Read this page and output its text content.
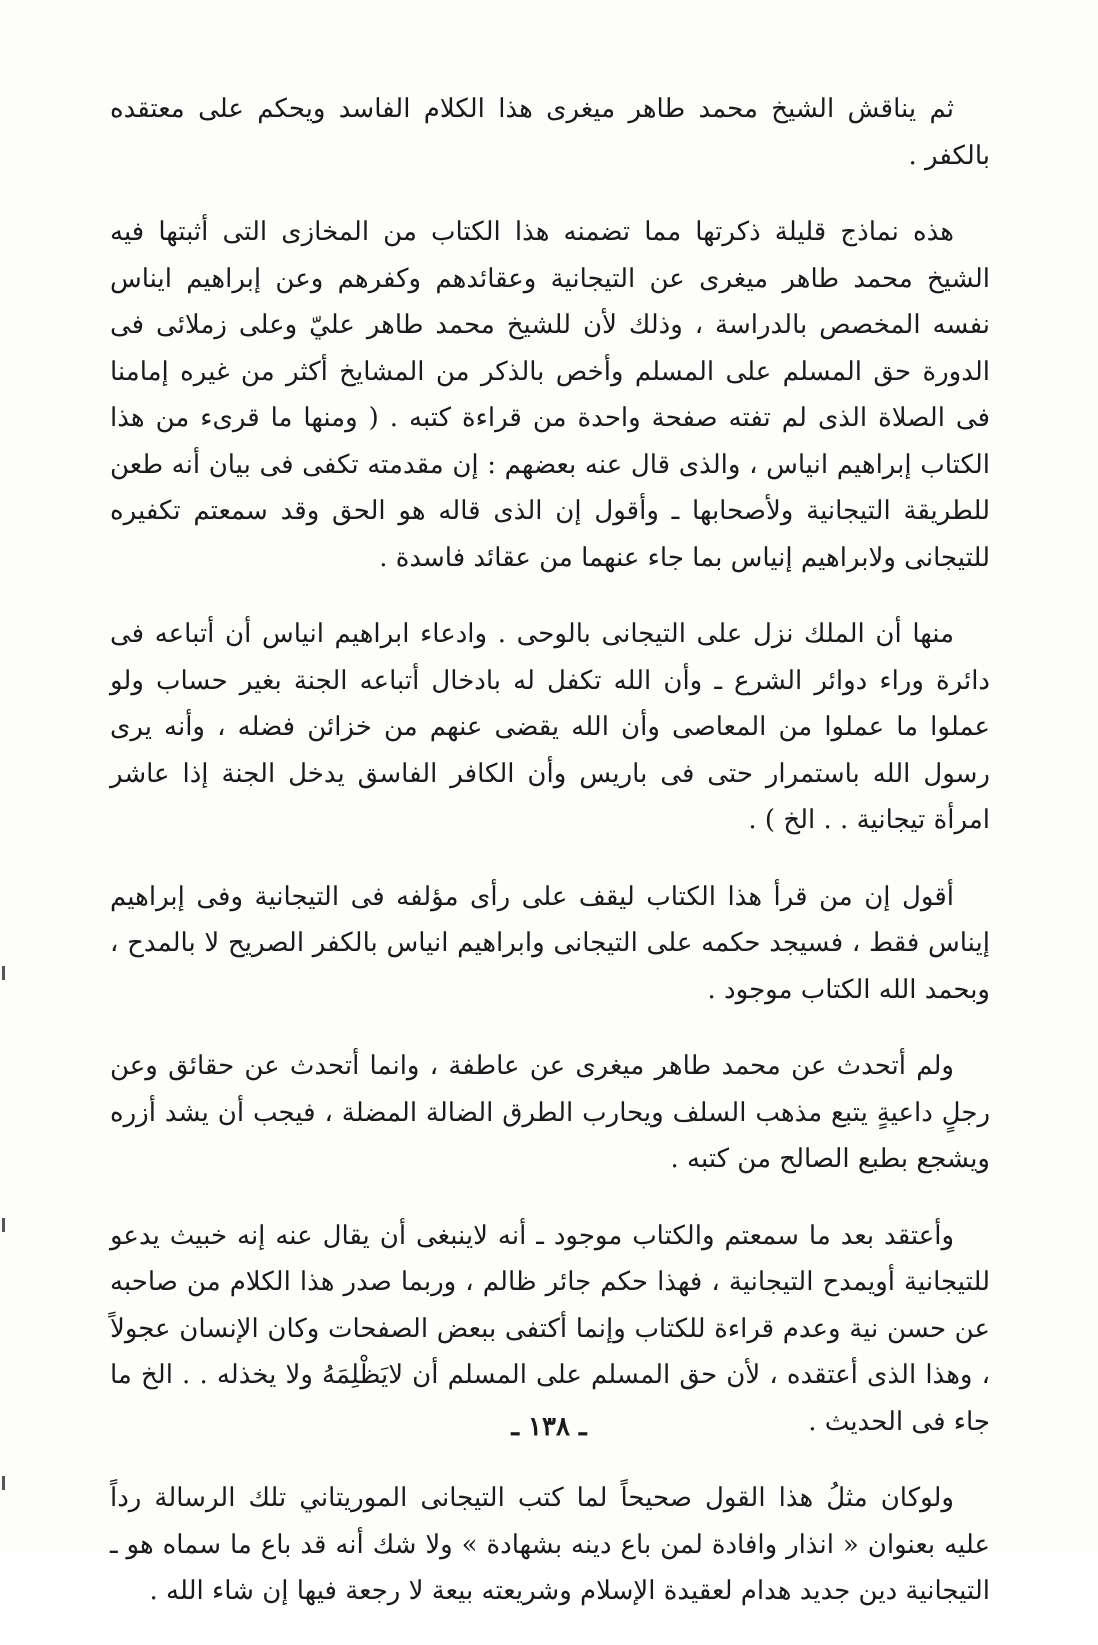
ثم يناقش الشيخ محمد طاهر ميغرى هذا الكلام الفاسد ويحكم على معتقده بالكفر .

هذه نماذج قليلة ذكرتها مما تضمنه هذا الكتاب من المخازى التى أثبتها فيه الشيخ محمد طاهر ميغرى عن التيجانية وعقائدهم وكفرهم وعن إبراهيم ايناس نفسه المخصص بالدراسة ، وذلك لأن للشيخ محمد طاهر عليّ وعلى زملائى فى الدورة حق المسلم على المسلم وأخص بالذكر من المشايخ أكثر من غيره إمامنا فى الصلاة الذى لم تفته صفحة واحدة من قراءة كتبه . ( ومنها ما قرىء من هذا الكتاب إبراهيم انياس ، والذى قال عنه بعضهم : إن مقدمته تكفى فى بيان أنه طعن للطريقة التيجانية ولأصحابها ـ وأقول إن الذى قاله هو الحق وقد سمعتم تكفيره للتيجانى ولابراهيم إنياس بما جاء عنهما من عقائد فاسدة .

منها أن الملك نزل على التيجانى بالوحى . وادعاء ابراهيم انياس أن أتباعه فى دائرة وراء دوائر الشرع ـ وأن الله تكفل له بادخال أتباعه الجنة بغير حساب ولو عملوا ما عملوا من المعاصى وأن الله يقضى عنهم من خزائن فضله ، وأنه يرى رسول الله باستمرار حتى فى باريس وأن الكافر الفاسق يدخل الجنة إذا عاشر امرأة تيجانية . . الخ ) .

أقول إن من قرأ هذا الكتاب ليقف على رأى مؤلفه فى التيجانية وفى إبراهيم إيناس فقط ، فسيجد حكمه على التيجانى وابراهيم انياس بالكفر الصريح لا بالمدح ، وبحمد الله الكتاب موجود .

ولم أتحدث عن محمد طاهر ميغرى عن عاطفة ، وانما أتحدث عن حقائق وعن رجلٍ داعيةٍ يتبع مذهب السلف ويحارب الطرق الضالة المضلة ، فيجب أن يشد أزره ويشجع بطبع الصالح من كتبه .

وأعتقد بعد ما سمعتم والكتاب موجود ـ أنه لاينبغى أن يقال عنه إنه خبيث يدعو للتيجانية أويمدح التيجانية ، فهذا حكم جائر ظالم ، وربما صدر هذا الكلام من صاحبه عن حسن نية وعدم قراءة للكتاب وإنما أكتفى ببعض الصفحات وكان الإنسان عجولاً ، وهذا الذى أعتقده ، لأن حق المسلم على المسلم أن لايَظْلِمَهُ ولا يخذله . . الخ ما جاء فى الحديث .

ولوكان مثلُ هذا القول صحيحاً لما كتب التيجانى الموريتاني تلك الرسالة رداً عليه بعنوان « انذار وافادة لمن باع دينه بشهادة » ولا شك أنه قد باع ما سماه هو ـ التيجانية دين جديد هدام لعقيدة الإسلام وشريعته بيعة لا رجعة فيها إن شاء الله .

ـ ١٣٨ ـ
